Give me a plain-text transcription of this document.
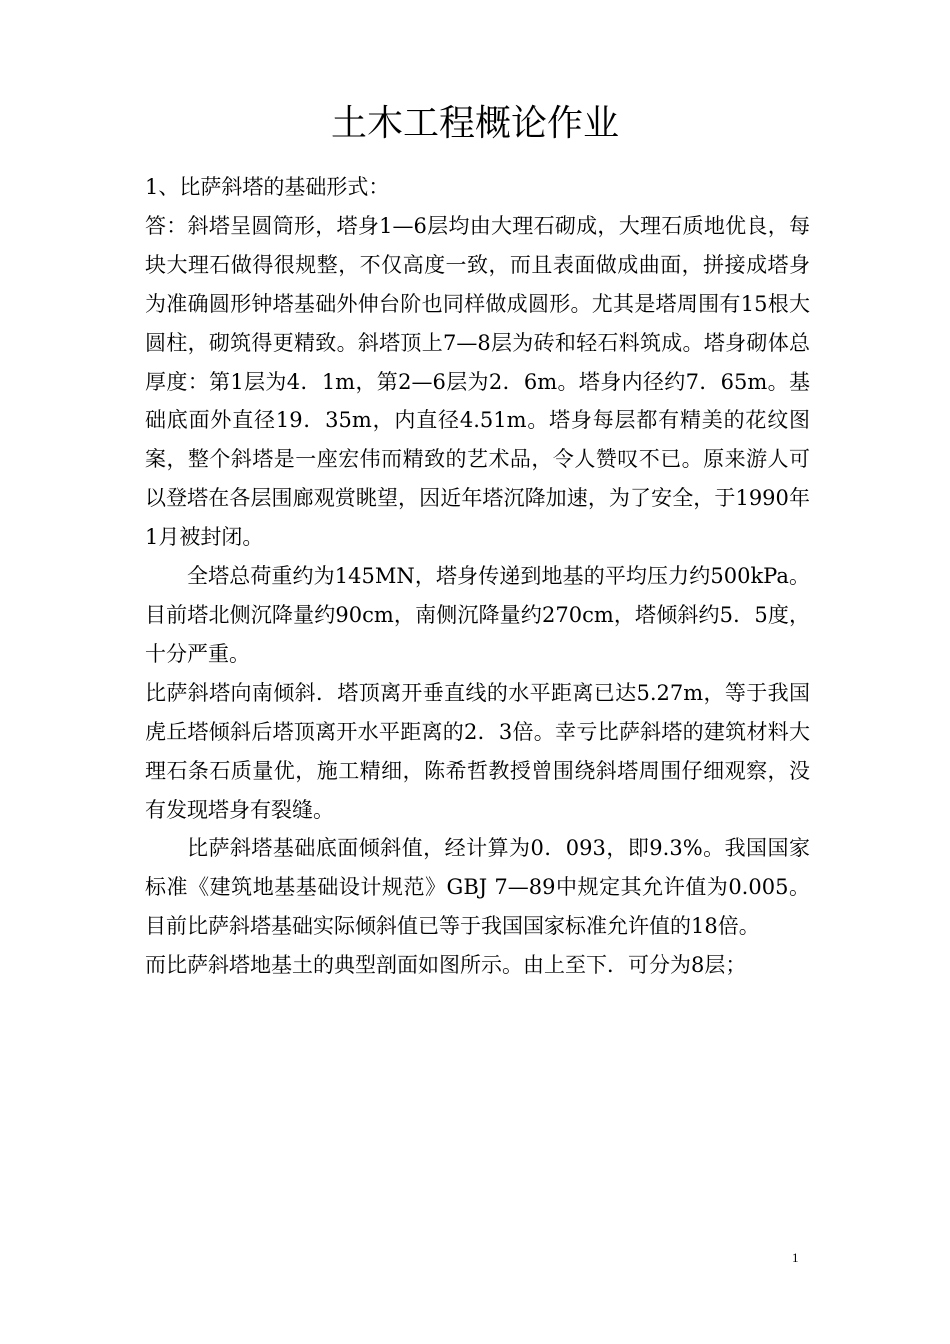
土木工程概论作业

1、比萨斜塔的基础形式：

答：斜塔呈圆筒形，塔身1—6层均由大理石砌成，大理石质地优良，每块大理石做得很规整，不仅高度一致，而且表面做成曲面，拼接成塔身为准确圆形钟塔基础外伸台阶也同样做成圆形。尤其是塔周围有15根大圆柱，砌筑得更精致。斜塔顶上7—8层为砖和轻石料筑成。塔身砌体总厚度：第1层为4．1m，第2—6层为2．6m。塔身内径约7．65m。基础底面外直径19．35m，内直径4.51m。塔身每层都有精美的花纹图案，整个斜塔是一座宏伟而精致的艺术品，令人赞叹不已。原来游人可以登塔在各层围廊观赏眺望，因近年塔沉降加速，为了安全，于1990年1月被封闭。

全塔总荷重约为145MN，塔身传递到地基的平均压力约500kPa。目前塔北侧沉降量约90cm，南侧沉降量约270cm，塔倾斜约5．5度，十分严重。

比萨斜塔向南倾斜．塔顶离开垂直线的水平距离已达5.27m，等于我国虎丘塔倾斜后塔顶离开水平距离的2．3倍。幸亏比萨斜塔的建筑材料大理石条石质量优，施工精细，陈希哲教授曾围绕斜塔周围仔细观察，没有发现塔身有裂缝。

比萨斜塔基础底面倾斜值，经计算为0．093，即9.3%。我国国家标准《建筑地基基础设计规范》GBJ 7—89中规定其允许值为0.005。目前比萨斜塔基础实际倾斜值已等于我国国家标准允许值的18倍。

而比萨斜塔地基土的典型剖面如图所示。由上至下．可分为8层；

1
